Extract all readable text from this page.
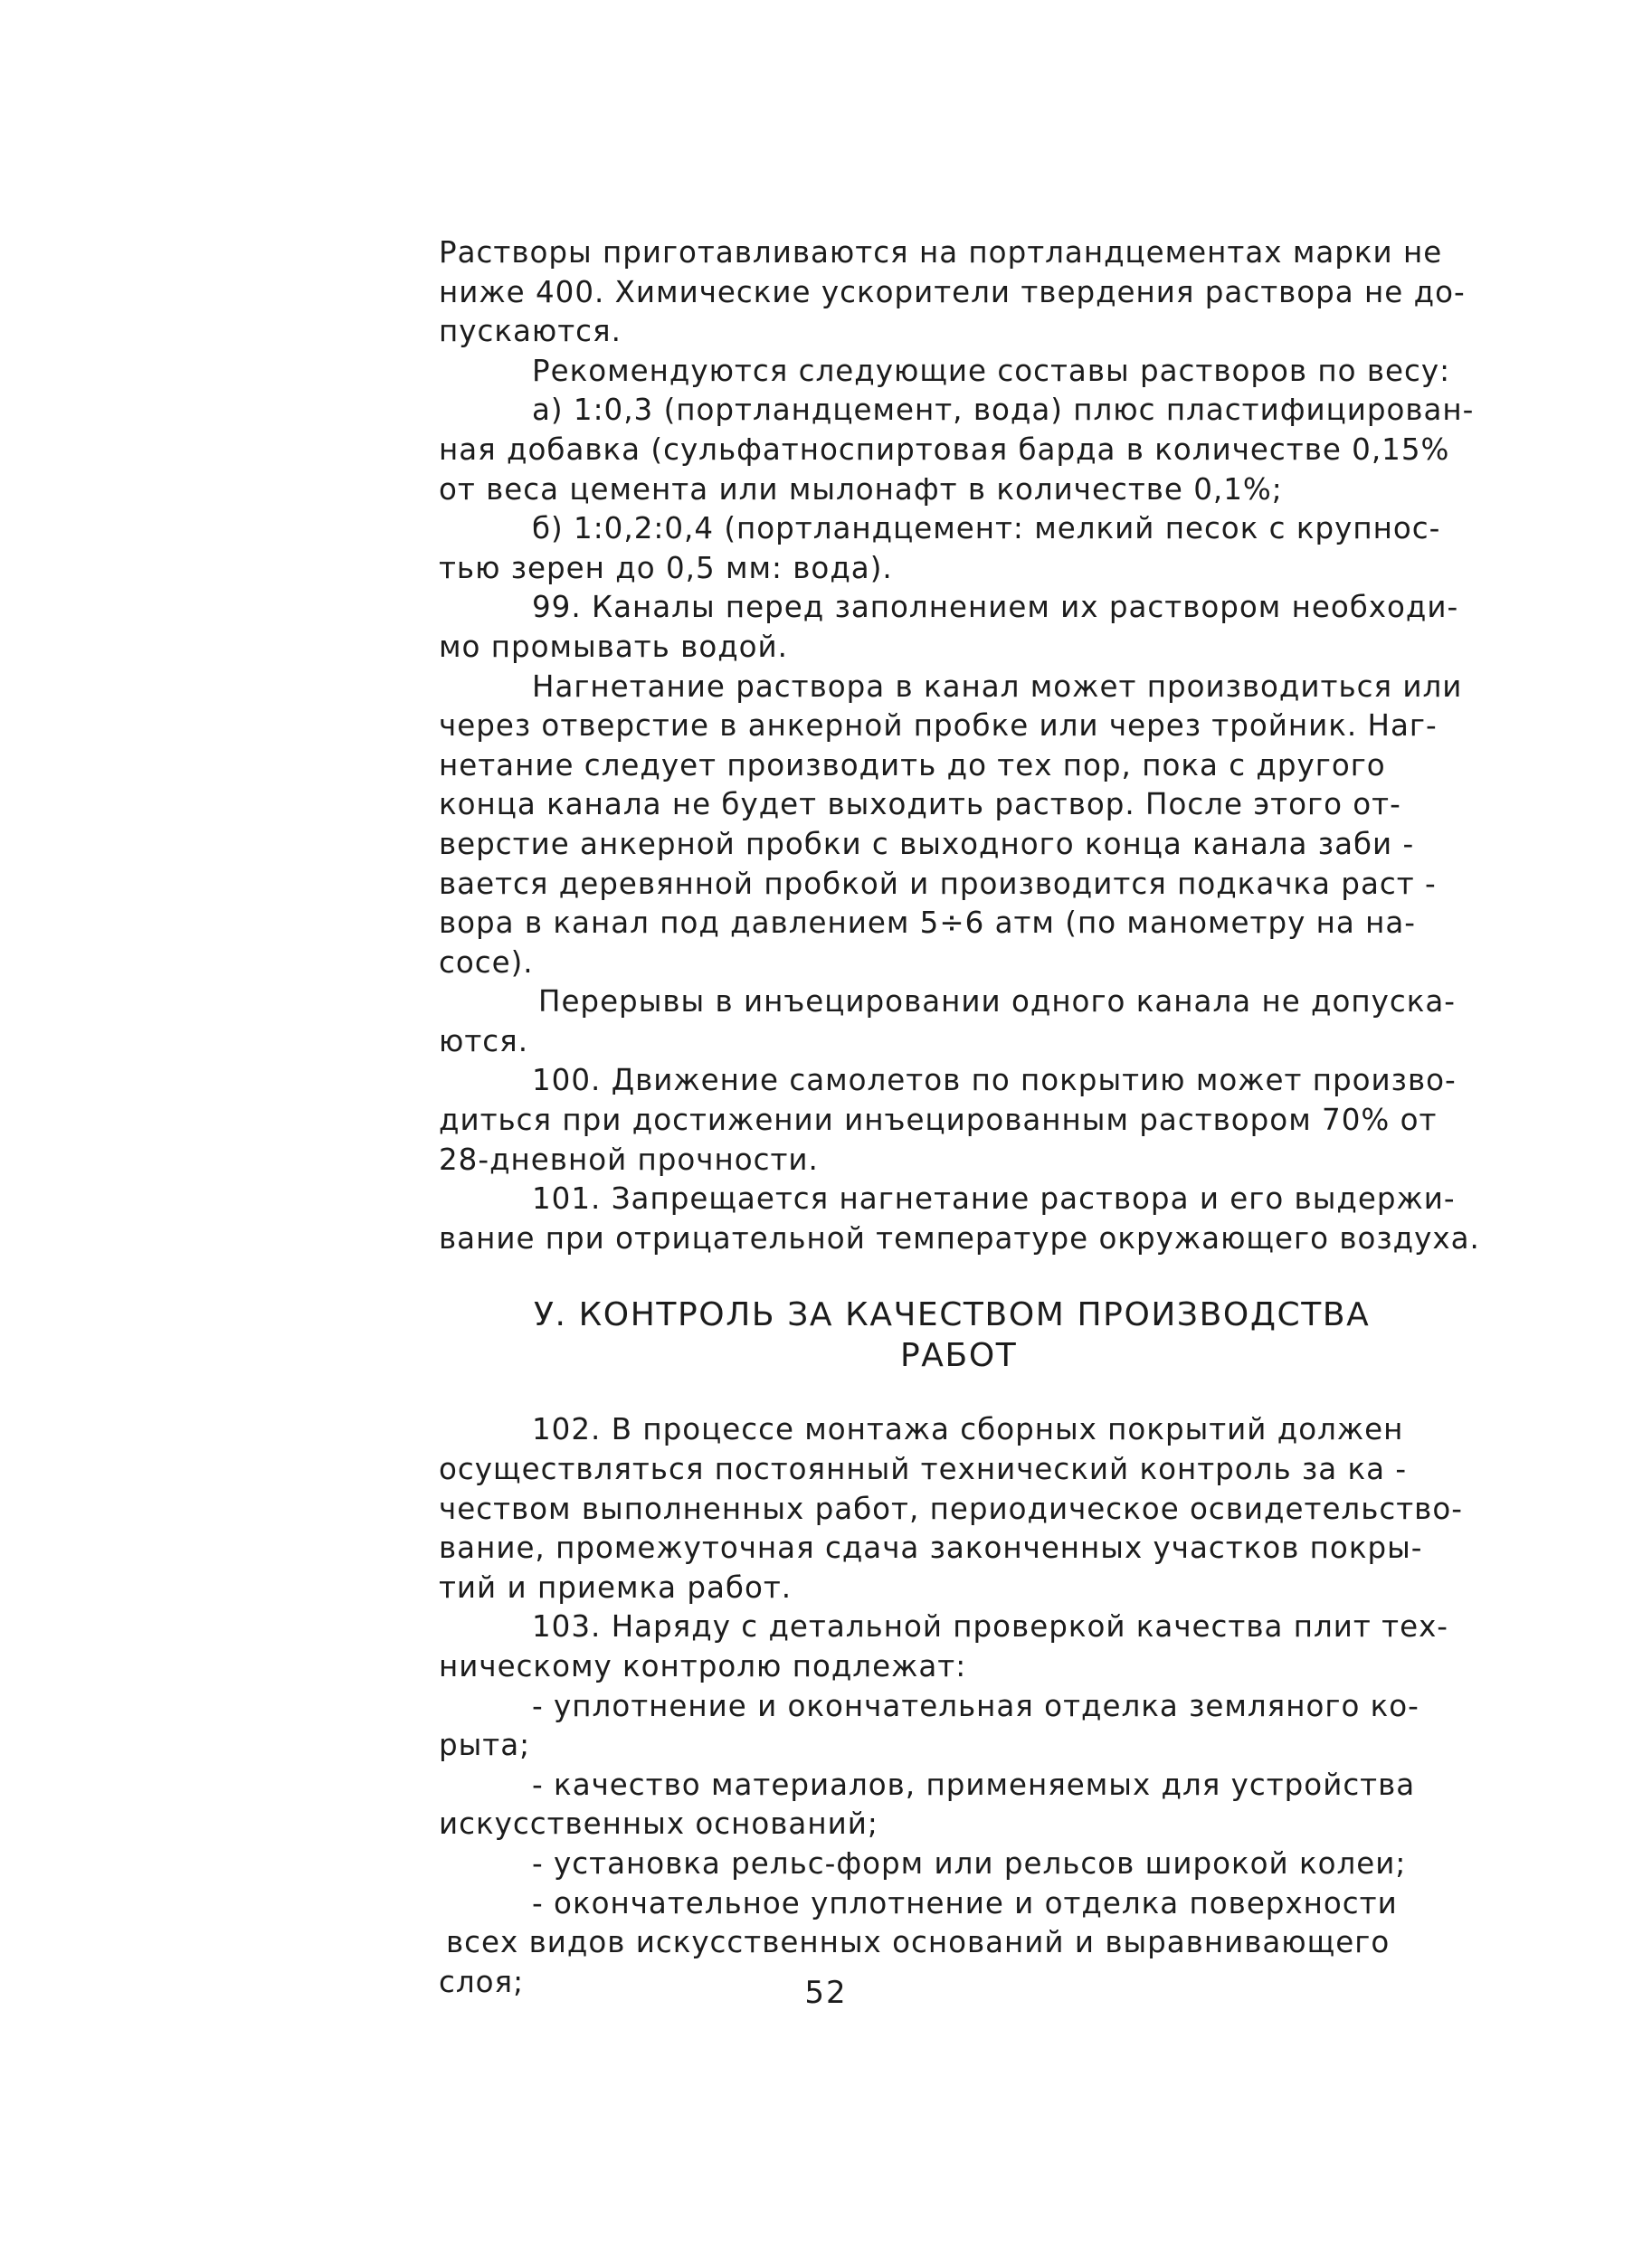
Растворы приготавливаются на портландцементах марки не

ниже 400. Химические ускорители твердения раствора не до-

пускаются.

Рекомендуются следующие составы растворов по весу:

а) 1:0,3 (портландцемент, вода) плюс пластифицирован-

ная добавка (сульфатноспиртовая барда в количестве 0,15%

от веса цемента или мылонафт в количестве 0,1%;

б) 1:0,2:0,4 (портландцемент: мелкий песок с крупнос-

тью зерен до 0,5 мм: вода).

99. Каналы перед заполнением их раствором необходи-

мо промывать водой.

Нагнетание раствора в канал может производиться или

через отверстие в анкерной пробке или через тройник. Наг-

нетание следует производить до тех пор, пока с другого

конца канала не будет выходить раствор. После этого от-

верстие анкерной пробки с выходного конца канала заби -

вается деревянной пробкой и производится подкачка раст -

вора в канал под давлением 5÷6 атм (по манометру на на-

сосе).

Перерывы в инъецировании одного канала не допуска-

ются.

100. Движение самолетов по покрытию может произво-

диться при достижении инъецированным раствором 70% от

28-дневной прочности.

101. Запрещается нагнетание раствора и его выдержи-

вание при отрицательной температуре окружающего воздуха.

У. КОНТРОЛЬ ЗА КАЧЕСТВОМ ПРОИЗВОДСТВА

РАБОТ

102. В процессе монтажа сборных покрытий должен

осуществляться постоянный технический контроль за ка -

чеством выполненных работ, периодическое освидетельство-

вание, промежуточная сдача законченных участков покры-

тий и приемка работ.

103. Наряду с детальной проверкой качества плит тех-

ническому контролю подлежат:

- уплотнение и окончательная отделка земляного ко-

рыта;

- качество материалов, применяемых для устройства

искусственных оснований;

- установка рельс-форм или рельсов широкой колеи;

- окончательное уплотнение и отделка поверхности

всех видов искусственных оснований и выравнивающего

слоя;	52
